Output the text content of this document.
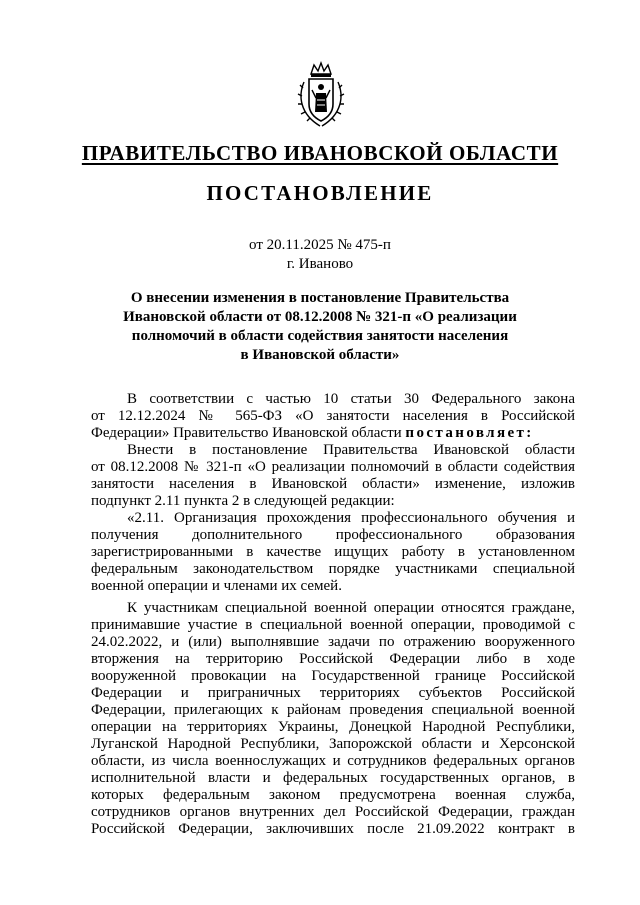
ПРАВИТЕЛЬСТВО ИВАНОВСКОЙ ОБЛАСТИ
ПОСТАНОВЛЕНИЕ
от 20.11.2025 № 475-п
г. Иваново
О внесении изменения в постановление Правительства
Ивановской области от 08.12.2008 № 321-п «О реализации
полномочий в области содействия занятости населения
в Ивановской области»
В соответствии с частью 10 статьи 30 Федерального закона
от 12.12.2024 № 565-ФЗ «О занятости населения в Российской
Федерации» Правительство Ивановской области постановляет:
Внести в постановление Правительства Ивановской области
от 08.12.2008 № 321-п «О реализации полномочий в области содействия
занятости населения в Ивановской области» изменение, изложив
подпункт 2.11 пункта 2 в следующей редакции:
«2.11. Организация прохождения профессионального обучения и
получения дополнительного профессионального образования
зарегистрированными в качестве ищущих работу в установленном
федеральным законодательством порядке участниками специальной
военной операции и членами их семей.
К участникам специальной военной операции относятся граждане,
принимавшие участие в специальной военной операции, проводимой с
24.02.2022, и (или) выполнявшие задачи по отражению вооруженного
вторжения на территорию Российской Федерации либо в ходе
вооруженной провокации на Государственной границе Российской
Федерации и приграничных территориях субъектов Российской
Федерации, прилегающих к районам проведения специальной военной
операции на территориях Украины, Донецкой Народной Республики,
Луганской Народной Республики, Запорожской области и Херсонской
области, из числа военнослужащих и сотрудников федеральных органов
исполнительной власти и федеральных государственных органов, в
которых федеральным законом предусмотрена военная служба,
сотрудников органов внутренних дел Российской Федерации, граждан
Российской Федерации, заключивших после 21.09.2022 контракт в
